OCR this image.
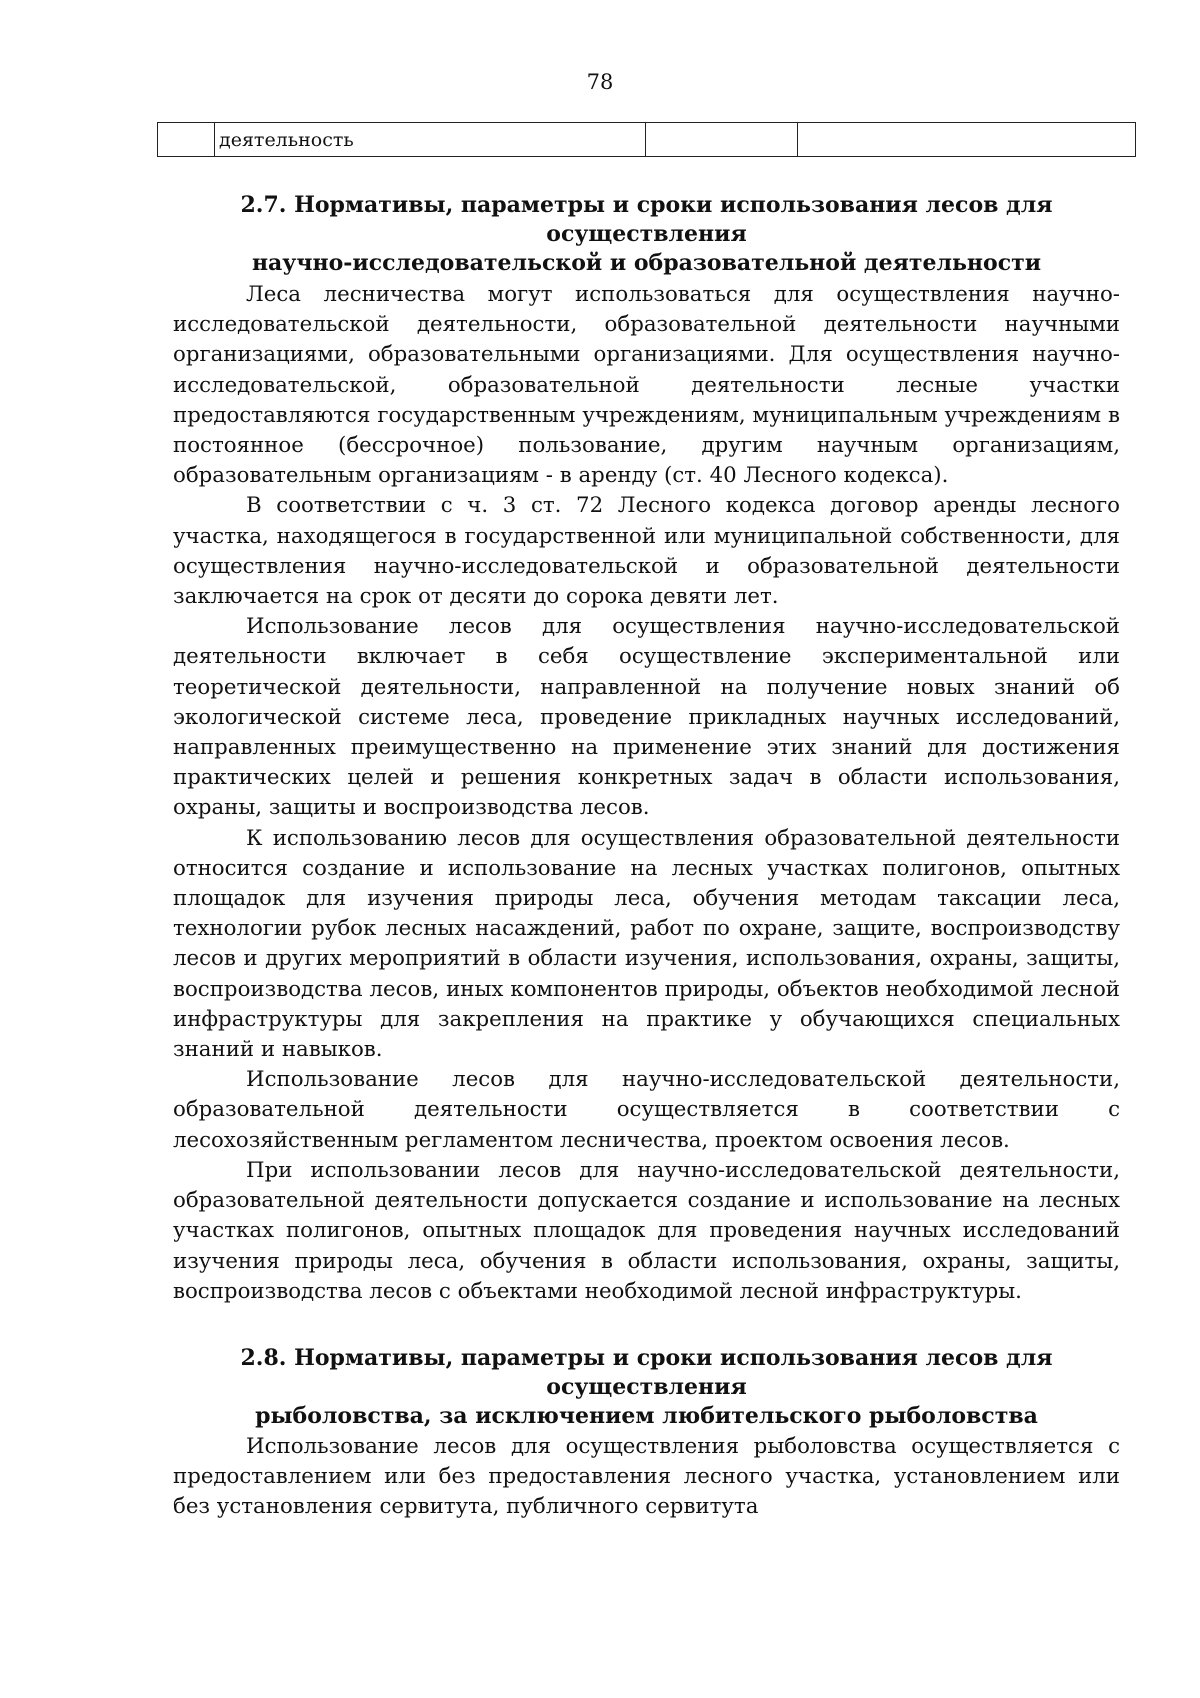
78
	деятельность		
2.7. Нормативы, параметры и сроки использования лесов для осуществления
научно-исследовательской и образовательной деятельности

Леса лесничества могут использоваться для осуществления научно-исследовательской деятельности, образовательной деятельности научными организациями, образовательными организациями. Для осуществления научно-исследовательской, образовательной деятельности лесные участки предоставляются государственным учреждениям, муниципальным учреждениям в постоянное (бессрочное) пользование, другим научным организациям, образовательным организациям - в аренду (ст. 40 Лесного кодекса).

В соответствии с ч. 3 ст. 72 Лесного кодекса договор аренды лесного участка, находящегося в государственной или муниципальной собственности, для осуществления научно-исследовательской и образовательной деятельности заключается на срок от десяти до сорока девяти лет.

Использование лесов для осуществления научно-исследовательской деятельности включает в себя осуществление экспериментальной или теоретической деятельности, направленной на получение новых знаний об экологической системе леса, проведение прикладных научных исследований, направленных преимущественно на применение этих знаний для достижения практических целей и решения конкретных задач в области использования, охраны, защиты и воспроизводства лесов.

К использованию лесов для осуществления образовательной деятельности относится создание и использование на лесных участках полигонов, опытных площадок для изучения природы леса, обучения методам таксации леса, технологии рубок лесных насаждений, работ по охране, защите, воспроизводству лесов и других мероприятий в области изучения, использования, охраны, защиты, воспроизводства лесов, иных компонентов природы, объектов необходимой лесной инфраструктуры для закрепления на практике у обучающихся специальных знаний и навыков.

Использование лесов для научно-исследовательской деятельности, образовательной деятельности осуществляется в соответствии с лесохозяйственным регламентом лесничества, проектом освоения лесов.

При использовании лесов для научно-исследовательской деятельности, образовательной деятельности допускается создание и использование на лесных участках полигонов, опытных площадок для проведения научных исследований изучения природы леса, обучения в области использования, охраны, защиты, воспроизводства лесов с объектами необходимой лесной инфраструктуры.

2.8. Нормативы, параметры и сроки использования лесов для осуществления
рыболовства, за исключением любительского рыболовства

Использование лесов для осуществления рыболовства осуществляется с предоставлением или без предоставления лесного участка, установлением или без установления сервитута, публичного сервитута
